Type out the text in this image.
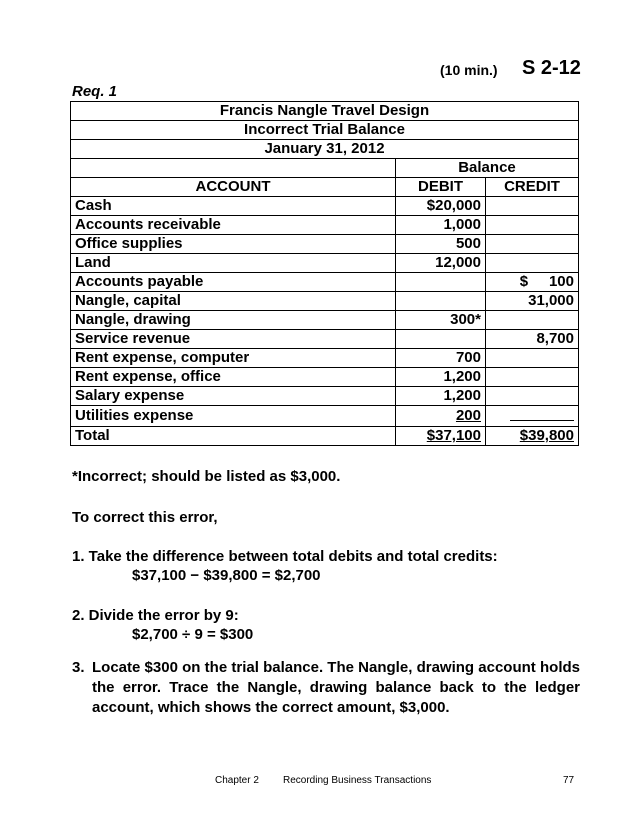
(10 min.) S 2-12
Req. 1
Francis Nangle Travel Design		
Incorrect Trial Balance		
January 31, 2012		
	Balance	
ACCOUNT	DEBIT	CREDIT
Cash	$20,000	
Accounts receivable	1,000	
Office supplies	500	
Land	12,000	
Accounts payable		$     100
Nangle, capital		31,000
Nangle, drawing	300*	
Service revenue		8,700
Rent expense, computer	700	
Rent expense, office	1,200	
Salary expense	1,200	
Utilities expense	200	
Total	$37,100	$39,800
*Incorrect; should be listed as $3,000.
To correct this error,
1. Take the difference between total debits and total credits:
$37,100 − $39,800 = $2,700
2. Divide the error by 9:
$2,700 ÷ 9 = $300
3. Locate $300 on the trial balance. The Nangle, drawing account holds the error. Trace the Nangle, drawing balance back to the ledger account, which shows the correct amount, $3,000.
Chapter 2 Recording Business Transactions	77
